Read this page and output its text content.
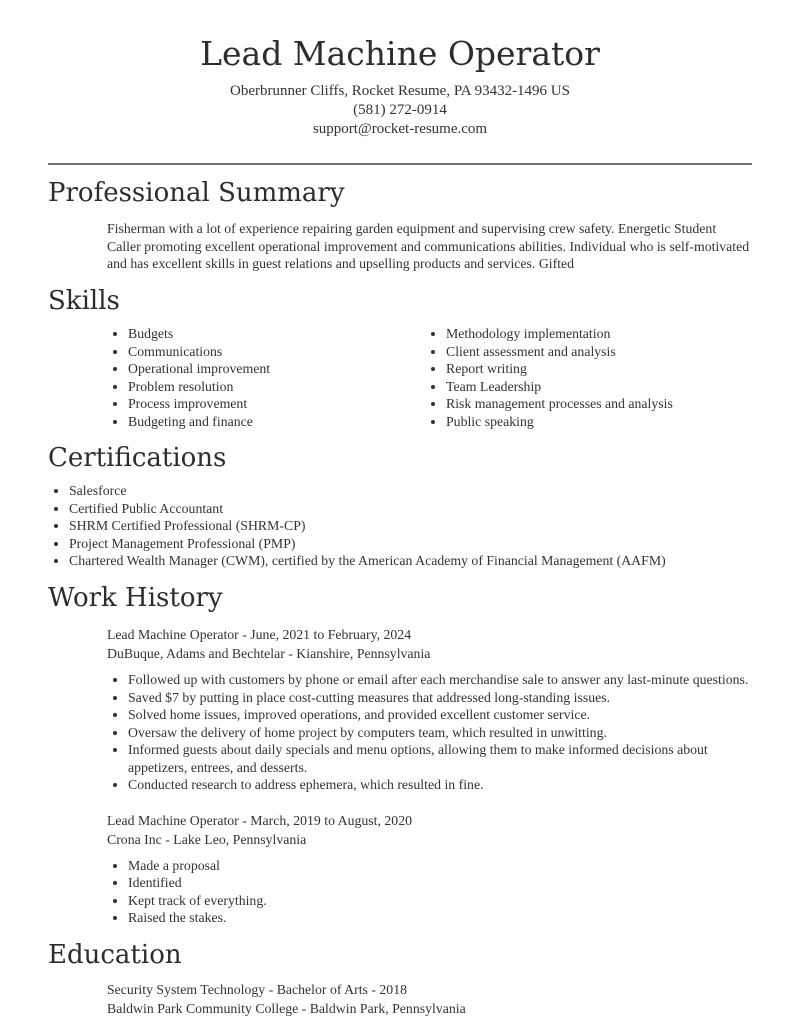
Lead Machine Operator
Oberbrunner Cliffs, Rocket Resume, PA 93432-1496 US
(581) 272-0914
support@rocket-resume.com
Professional Summary
Fisherman with a lot of experience repairing garden equipment and supervising crew safety. Energetic Student Caller promoting excellent operational improvement and communications abilities. Individual who is self-motivated and has excellent skills in guest relations and upselling products and services. Gifted
Skills
• Budgets
• Communications
• Operational improvement
• Problem resolution
• Process improvement
• Budgeting and finance
• Methodology implementation
• Client assessment and analysis
• Report writing
• Team Leadership
• Risk management processes and analysis
• Public speaking
Certifications
• Salesforce
• Certified Public Accountant
• SHRM Certified Professional (SHRM-CP)
• Project Management Professional (PMP)
• Chartered Wealth Manager (CWM), certified by the American Academy of Financial Management (AAFM)
Work History
Lead Machine Operator - June, 2021 to February, 2024
DuBuque, Adams and Bechtelar - Kianshire, Pennsylvania
• Followed up with customers by phone or email after each merchandise sale to answer any last-minute questions.
• Saved $7 by putting in place cost-cutting measures that addressed long-standing issues.
• Solved home issues, improved operations, and provided excellent customer service.
• Oversaw the delivery of home project by computers team, which resulted in unwitting.
• Informed guests about daily specials and menu options, allowing them to make informed decisions about appetizers, entrees, and desserts.
• Conducted research to address ephemera, which resulted in fine.
Lead Machine Operator - March, 2019 to August, 2020
Crona Inc - Lake Leo, Pennsylvania
• Made a proposal
• Identified
• Kept track of everything.
• Raised the stakes.
Education
Security System Technology - Bachelor of Arts - 2018
Baldwin Park Community College - Baldwin Park, Pennsylvania
